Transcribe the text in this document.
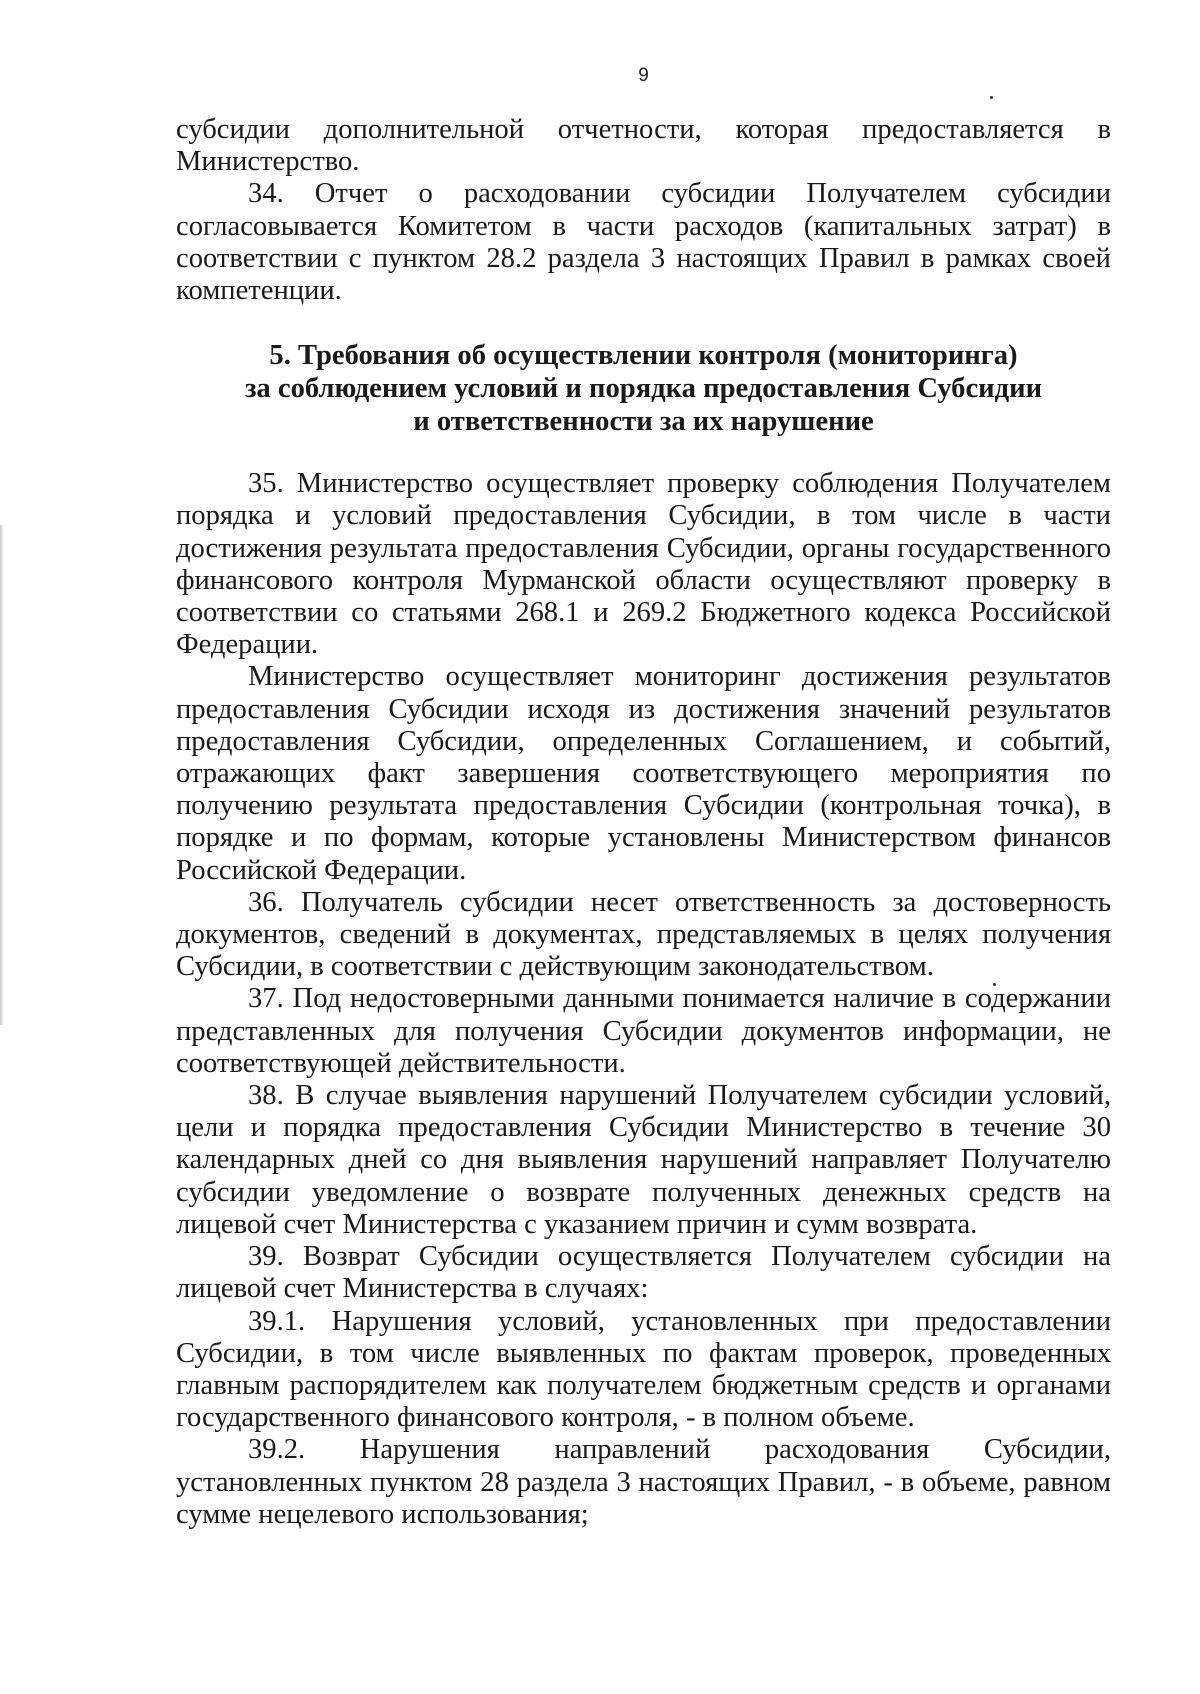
9

субсидии дополнительной отчетности, которая предоставляется в Министерство.

34. Отчет о расходовании субсидии Получателем субсидии согласовывается Комитетом в части расходов (капитальных затрат) в соответствии с пунктом 28.2 раздела 3 настоящих Правил в рамках своей компетенции.

5. Требования об осуществлении контроля (мониторинга)
за соблюдением условий и порядка предоставления Субсидии
и ответственности за их нарушение

35. Министерство осуществляет проверку соблюдения Получателем порядка и условий предоставления Субсидии, в том числе в части достижения результата предоставления Субсидии, органы государственного финансового контроля Мурманской области осуществляют проверку в соответствии со статьями 268.1 и 269.2 Бюджетного кодекса Российской Федерации.

Министерство осуществляет мониторинг достижения результатов предоставления Субсидии исходя из достижения значений результатов предоставления Субсидии, определенных Соглашением, и событий, отражающих факт завершения соответствующего мероприятия по получению результата предоставления Субсидии (контрольная точка), в порядке и по формам, которые установлены Министерством финансов Российской Федерации.

36. Получатель субсидии несет ответственность за достоверность документов, сведений в документах, представляемых в целях получения Субсидии, в соответствии с действующим законодательством.

37. Под недостоверными данными понимается наличие в содержании представленных для получения Субсидии документов информации, не соответствующей действительности.

38. В случае выявления нарушений Получателем субсидии условий, цели и порядка предоставления Субсидии Министерство в течение 30 календарных дней со дня выявления нарушений направляет Получателю субсидии уведомление о возврате полученных денежных средств на лицевой счет Министерства с указанием причин и сумм возврата.

39. Возврат Субсидии осуществляется Получателем субсидии на лицевой счет Министерства в случаях:

39.1. Нарушения условий, установленных при предоставлении Субсидии, в том числе выявленных по фактам проверок, проведенных главным распорядителем как получателем бюджетным средств и органами государственного финансового контроля, - в полном объеме.

39.2. Нарушения направлений расходования Субсидии, установленных пунктом 28 раздела 3 настоящих Правил, - в объеме, равном сумме нецелевого использования;
